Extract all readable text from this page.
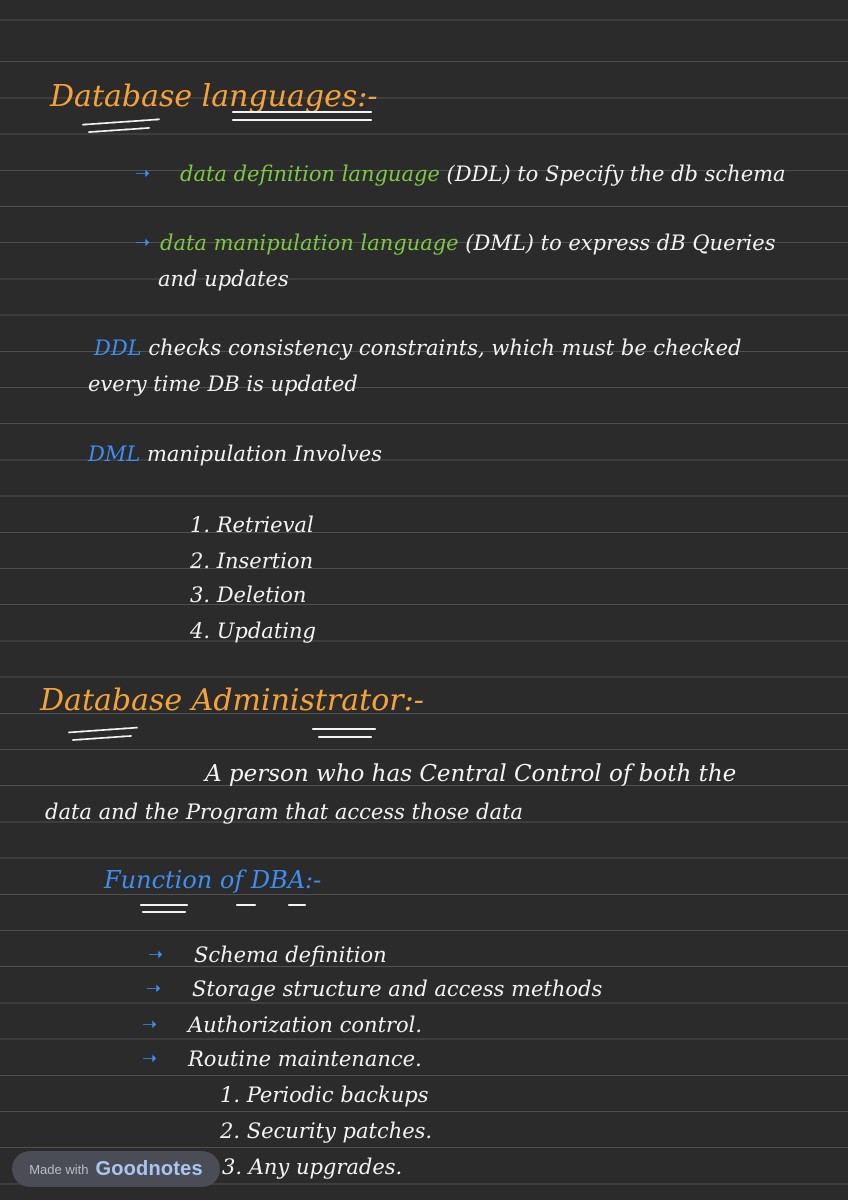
Database languages:-
➝ data definition language (DDL) to Specify the db schema
➝ data manipulation language (DML) to express dB Queries
and updates
DDL checks consistency constraints, which must be checked
every time DB is updated
DML manipulation Involves
1. Retrieval
2. Insertion
3. Deletion
4. Updating
Database Administrator:-
A person who has Central Control of both the
data and the Program that access those data
Function of DBA:-
➝ Schema definition
➝ Storage structure and access methods
➝ Authorization control.
➝ Routine maintenance.
1. Periodic backups
2. Security patches.
3. Any upgrades.
Made with Goodnotes
